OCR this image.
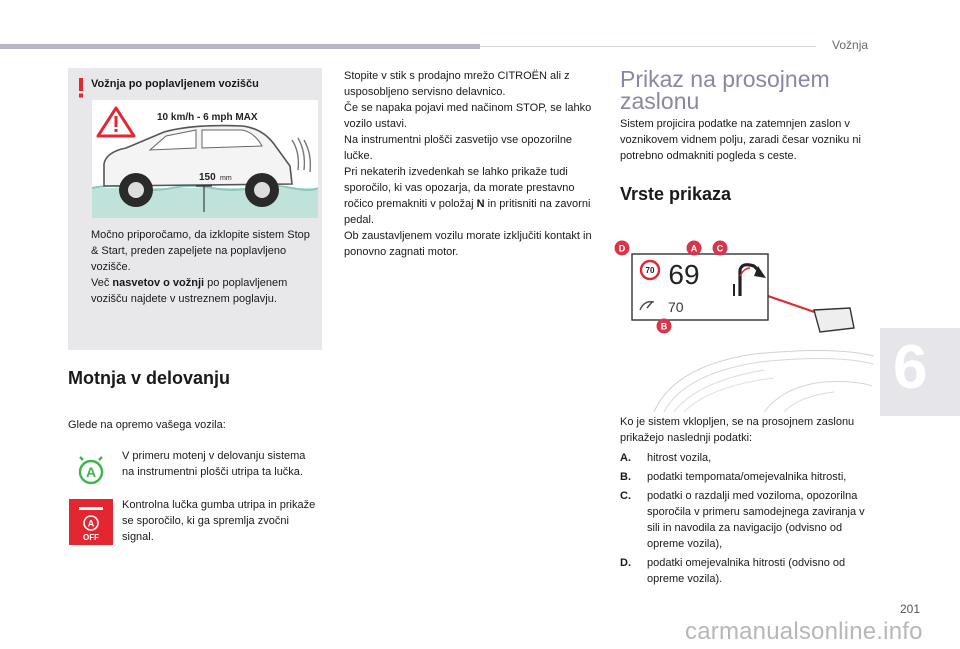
Vožnja
6
Vožnja po poplavljenem vozišču
10 km/h - 6 mph MAX
150 mm
Močno priporočamo, da izklopite sistem Stop & Start, preden zapeljete na poplavljeno vozišče.
Več nasvetov o vožnji po poplavljenem vozišču najdete v ustreznem poglavju.
Motnja v delovanju
Glede na opremo vašega vozila:
A
A
OFF
V primeru motenj v delovanju sistema na instrumentni plošči utripa ta lučka.
Kontrolna lučka gumba utripa in prikaže se sporočilo, ki ga spremlja zvočni signal.
Stopite v stik s prodajno mrežo CITROËN ali z usposobljeno servisno delavnico.
Če se napaka pojavi med načinom STOP, se lahko vozilo ustavi.
Na instrumentni plošči zasvetijo vse opozorilne lučke.
Pri nekaterih izvedenkah se lahko prikaže tudi sporočilo, ki vas opozarja, da morate prestavno ročico premakniti v položaj N in pritisniti na zavorni pedal.
Ob zaustavljenem vozilu morate izključiti kontakt in ponovno zagnati motor.
Prikaz na prosojnem zaslonu
Sistem projicira podatke na zatemnjen zaslon v voznikovem vidnem polju, zaradi česar vozniku ni potrebno odmakniti pogleda s ceste.
Vrste prikaza
70 69
70
D	A C
B
Ko je sistem vklopljen, se na prosojnem zaslonu prikažejo naslednji podatki:
A.	hitrost vozila,
B.	podatki tempomata/omejevalnika hitrosti,
C.	podatki o razdalji med voziloma, opozorilna sporočila v primeru samodejnega zaviranja v sili in navodila za navigacijo (odvisno od opreme vozila),
D.	podatki omejevalnika hitrosti (odvisno od opreme vozila).
201
carmanualsonline.info
